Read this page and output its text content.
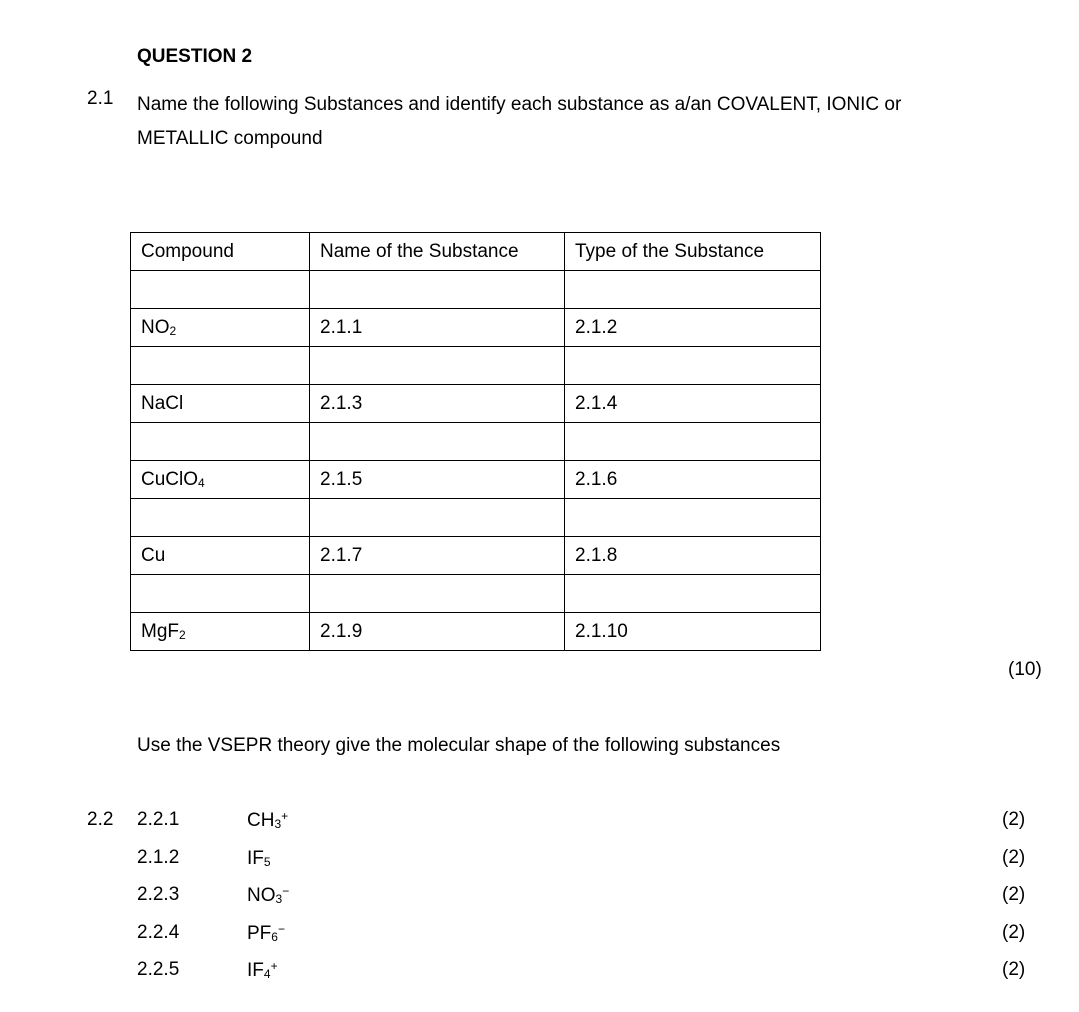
QUESTION 2
2.1 Name the following Substances and identify each substance as a/an COVALENT, IONIC or METALLIC compound
Compound	Name of the Substance	Type of the Substance

$NO_2$	2.1.1	2.1.2

NaCl	2.1.3	2.1.4

CuClO$_4$	2.1.5	2.1.6

Cu	2.1.7	2.1.8

MgF$_2$	2.1.9	2.1.10
(10)
Use the VSEPR theory give the molecular shape of the following substances
2.2 2.2.1	$CH_3^+$	(2)
2.1.2	$IF_5$	(2)
2.2.3	$NO_3^-$	(2)
2.2.4	$PF_6^-$	(2)
2.2.5	$IF_4^+$	(2)
